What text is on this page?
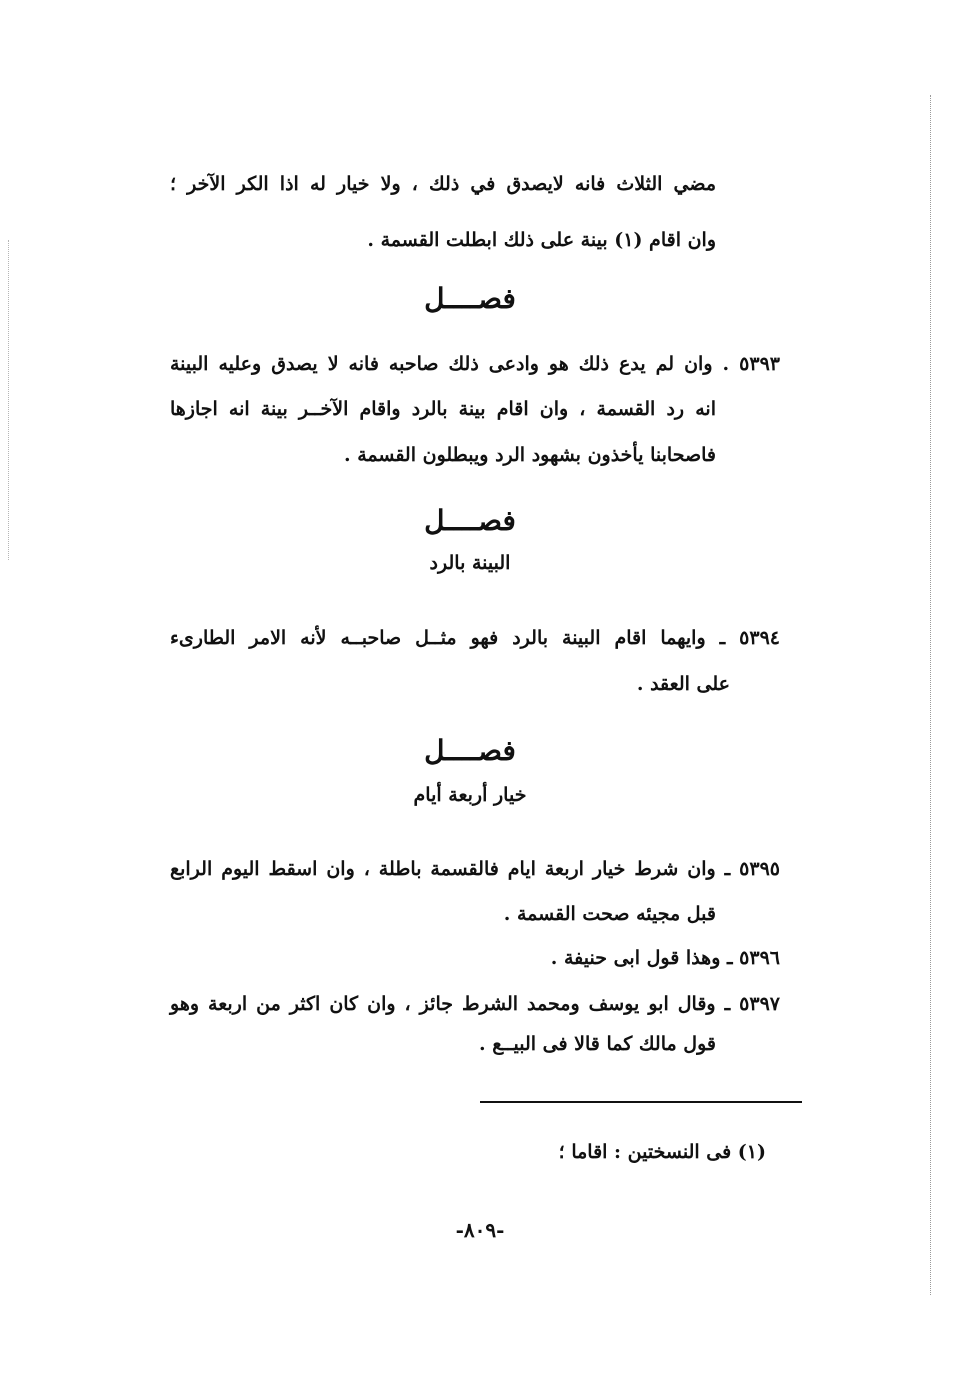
مضي الثلاث فانه لايصدق في ذلك ، ولا خيار له اذا الكر الآخر ؛
وان اقام (١) بينة على ذلك ابطلت القسمة .
فصــــل
٥٣٩٣ . وان لم يدع ذلك هو وادعى ذلك صاحبه فانه لا يصدق وعليه البينة
انه رد القسمة ، وان اقام بينة بالرد واقام الآخــر بينة انه اجازها
فاصحابنا يأخذون بشهود الرد ويبطلون القسمة .
فصــــل
البينة بالرد
٥٣٩٤ ـ وايهما اقام البينة بالرد فهو مثــل صاحبــه لأنه الامر الطارىء
على العقد .
فصــــل
خيار أربعة أيام
٥٣٩٥ ـ وان شرط خيار اربعة ايام فالقسمة باطلة ، وان اسقط اليوم الرابع
قبل مجيئه صحت القسمة .
٥٣٩٦ ـ وهذا قول ابى حنيفة .
٥٣٩٧ ـ وقال ابو يوسف ومحمد الشرط جائز ، وان كان اكثر من اربعة وهو
قول مالك كما قالا فى البيــع .
(١) فى النسختين : اقاما ؛
-٨٠٩-
